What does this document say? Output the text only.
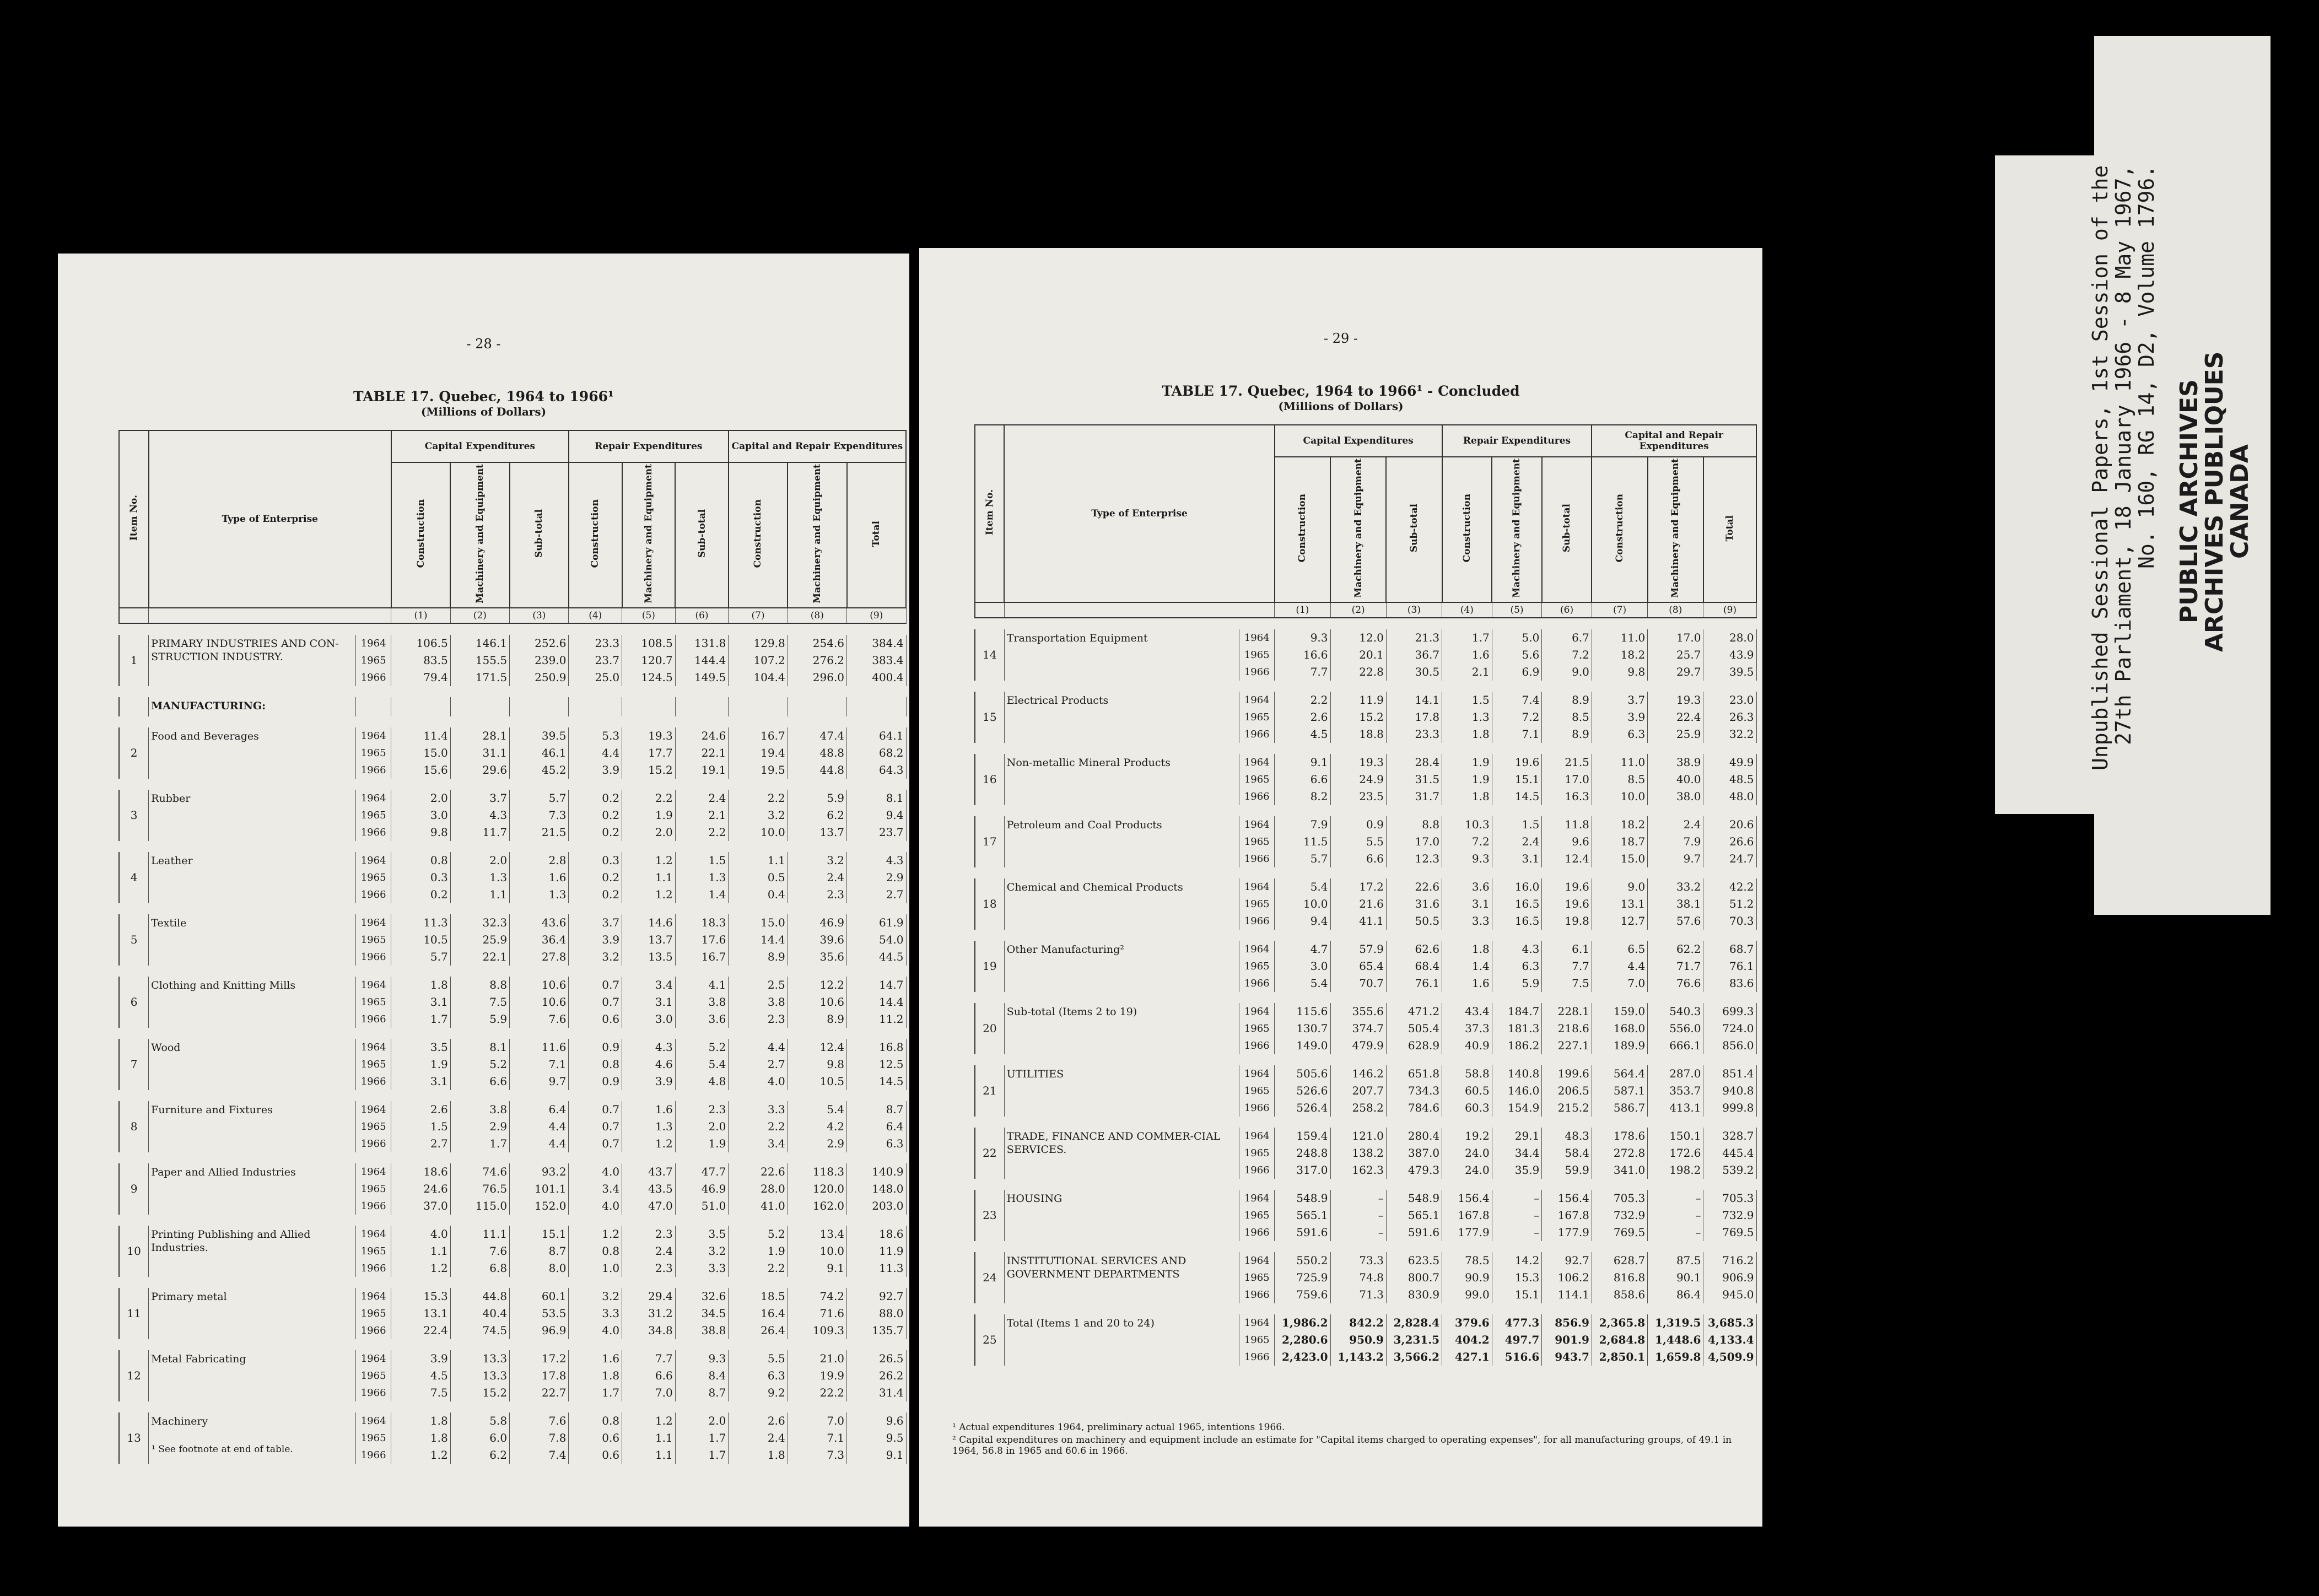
- 28 -
TABLE 17. Quebec, 1964 to 1966¹
(Millions of Dollars)
Item No.	Type of Enterprise		Capital Expenditures			Repair Expenditures			Capital and Repair Expenditures		
			Construction	Machinery and Equipment	Sub-total	Construction	Machinery and Equipment	Sub-total	Construction	Machinery and Equipment	Total
			(1)	(2)	(3)	(4)	(5)	(6)	(7)	(8)	(9)

1	PRIMARY INDUSTRIES AND CON-STRUCTION INDUSTRY.	1964	106.5	146.1	252.6	23.3	108.5	131.8	129.8	254.6	384.4
		1965	83.5	155.5	239.0	23.7	120.7	144.4	107.2	276.2	383.4
		1966	79.4	171.5	250.9	25.0	124.5	149.5	104.4	296.0	400.4

	MANUFACTURING:										

2	Food and Beverages	1964	11.4	28.1	39.5	5.3	19.3	24.6	16.7	47.4	64.1
		1965	15.0	31.1	46.1	4.4	17.7	22.1	19.4	48.8	68.2
		1966	15.6	29.6	45.2	3.9	15.2	19.1	19.5	44.8	64.3

3	Rubber	1964	2.0	3.7	5.7	0.2	2.2	2.4	2.2	5.9	8.1
		1965	3.0	4.3	7.3	0.2	1.9	2.1	3.2	6.2	9.4
		1966	9.8	11.7	21.5	0.2	2.0	2.2	10.0	13.7	23.7

4	Leather	1964	0.8	2.0	2.8	0.3	1.2	1.5	1.1	3.2	4.3
		1965	0.3	1.3	1.6	0.2	1.1	1.3	0.5	2.4	2.9
		1966	0.2	1.1	1.3	0.2	1.2	1.4	0.4	2.3	2.7

5	Textile	1964	11.3	32.3	43.6	3.7	14.6	18.3	15.0	46.9	61.9
		1965	10.5	25.9	36.4	3.9	13.7	17.6	14.4	39.6	54.0
		1966	5.7	22.1	27.8	3.2	13.5	16.7	8.9	35.6	44.5

6	Clothing and Knitting Mills	1964	1.8	8.8	10.6	0.7	3.4	4.1	2.5	12.2	14.7
		1965	3.1	7.5	10.6	0.7	3.1	3.8	3.8	10.6	14.4
		1966	1.7	5.9	7.6	0.6	3.0	3.6	2.3	8.9	11.2

7	Wood	1964	3.5	8.1	11.6	0.9	4.3	5.2	4.4	12.4	16.8
		1965	1.9	5.2	7.1	0.8	4.6	5.4	2.7	9.8	12.5
		1966	3.1	6.6	9.7	0.9	3.9	4.8	4.0	10.5	14.5

8	Furniture and Fixtures	1964	2.6	3.8	6.4	0.7	1.6	2.3	3.3	5.4	8.7
		1965	1.5	2.9	4.4	0.7	1.3	2.0	2.2	4.2	6.4
		1966	2.7	1.7	4.4	0.7	1.2	1.9	3.4	2.9	6.3

9	Paper and Allied Industries	1964	18.6	74.6	93.2	4.0	43.7	47.7	22.6	118.3	140.9
		1965	24.6	76.5	101.1	3.4	43.5	46.9	28.0	120.0	148.0
		1966	37.0	115.0	152.0	4.0	47.0	51.0	41.0	162.0	203.0

10	Printing Publishing and Allied Industries.	1964	4.0	11.1	15.1	1.2	2.3	3.5	5.2	13.4	18.6
		1965	1.1	7.6	8.7	0.8	2.4	3.2	1.9	10.0	11.9
		1966	1.2	6.8	8.0	1.0	2.3	3.3	2.2	9.1	11.3

11	Primary metal	1964	15.3	44.8	60.1	3.2	29.4	32.6	18.5	74.2	92.7
		1965	13.1	40.4	53.5	3.3	31.2	34.5	16.4	71.6	88.0
		1966	22.4	74.5	96.9	4.0	34.8	38.8	26.4	109.3	135.7

12	Metal Fabricating	1964	3.9	13.3	17.2	1.6	7.7	9.3	5.5	21.0	26.5
		1965	4.5	13.3	17.8	1.8	6.6	8.4	6.3	19.9	26.2
		1966	7.5	15.2	22.7	1.7	7.0	8.7	9.2	22.2	31.4

13	Machinery	1964	1.8	5.8	7.6	0.8	1.2	2.0	2.6	7.0	9.6
		1965	1.8	6.0	7.8	0.6	1.1	1.7	2.4	7.1	9.5
		1966	1.2	6.2	7.4	0.6	1.1	1.7	1.8	7.3	9.1

¹ See footnote at end of table.
- 29 -
TABLE 17. Quebec, 1964 to 1966¹ - Concluded
(Millions of Dollars)
Item No.	Type of Enterprise		Capital Expenditures			Repair Expenditures			Capital and Repair Expenditures		
			Construction	Machinery and Equipment	Sub-total	Construction	Machinery and Equipment	Sub-total	Construction	Machinery and Equipment	Total
			(1)	(2)	(3)	(4)	(5)	(6)	(7)	(8)	(9)

14	Transportation Equipment	1964	9.3	12.0	21.3	1.7	5.0	6.7	11.0	17.0	28.0
		1965	16.6	20.1	36.7	1.6	5.6	7.2	18.2	25.7	43.9
		1966	7.7	22.8	30.5	2.1	6.9	9.0	9.8	29.7	39.5

15	Electrical Products	1964	2.2	11.9	14.1	1.5	7.4	8.9	3.7	19.3	23.0
		1965	2.6	15.2	17.8	1.3	7.2	8.5	3.9	22.4	26.3
		1966	4.5	18.8	23.3	1.8	7.1	8.9	6.3	25.9	32.2

16	Non-metallic Mineral Products	1964	9.1	19.3	28.4	1.9	19.6	21.5	11.0	38.9	49.9
		1965	6.6	24.9	31.5	1.9	15.1	17.0	8.5	40.0	48.5
		1966	8.2	23.5	31.7	1.8	14.5	16.3	10.0	38.0	48.0

17	Petroleum and Coal Products	1964	7.9	0.9	8.8	10.3	1.5	11.8	18.2	2.4	20.6
		1965	11.5	5.5	17.0	7.2	2.4	9.6	18.7	7.9	26.6
		1966	5.7	6.6	12.3	9.3	3.1	12.4	15.0	9.7	24.7

18	Chemical and Chemical Products	1964	5.4	17.2	22.6	3.6	16.0	19.6	9.0	33.2	42.2
		1965	10.0	21.6	31.6	3.1	16.5	19.6	13.1	38.1	51.2
		1966	9.4	41.1	50.5	3.3	16.5	19.8	12.7	57.6	70.3

19	Other Manufacturing²	1964	4.7	57.9	62.6	1.8	4.3	6.1	6.5	62.2	68.7
		1965	3.0	65.4	68.4	1.4	6.3	7.7	4.4	71.7	76.1
		1966	5.4	70.7	76.1	1.6	5.9	7.5	7.0	76.6	83.6

20	Sub-total (Items 2 to 19)	1964	115.6	355.6	471.2	43.4	184.7	228.1	159.0	540.3	699.3
		1965	130.7	374.7	505.4	37.3	181.3	218.6	168.0	556.0	724.0
		1966	149.0	479.9	628.9	40.9	186.2	227.1	189.9	666.1	856.0

21	UTILITIES	1964	505.6	146.2	651.8	58.8	140.8	199.6	564.4	287.0	851.4
		1965	526.6	207.7	734.3	60.5	146.0	206.5	587.1	353.7	940.8
		1966	526.4	258.2	784.6	60.3	154.9	215.2	586.7	413.1	999.8

22	TRADE, FINANCE AND COMMER-CIAL SERVICES.	1964	159.4	121.0	280.4	19.2	29.1	48.3	178.6	150.1	328.7
		1965	248.8	138.2	387.0	24.0	34.4	58.4	272.8	172.6	445.4
		1966	317.0	162.3	479.3	24.0	35.9	59.9	341.0	198.2	539.2

23	HOUSING	1964	548.9	–	548.9	156.4	–	156.4	705.3	–	705.3
		1965	565.1	–	565.1	167.8	–	167.8	732.9	–	732.9
		1966	591.6	–	591.6	177.9	–	177.9	769.5	–	769.5

24	INSTITUTIONAL SERVICES AND GOVERNMENT DEPARTMENTS	1964	550.2	73.3	623.5	78.5	14.2	92.7	628.7	87.5	716.2
		1965	725.9	74.8	800.7	90.9	15.3	106.2	816.8	90.1	906.9
		1966	759.6	71.3	830.9	99.0	15.1	114.1	858.6	86.4	945.0

25	Total (Items 1 and 20 to 24)	1964	1,986.2	842.2	2,828.4	379.6	477.3	856.9	2,365.8	1,319.5	3,685.3
		1965	2,280.6	950.9	3,231.5	404.2	497.7	901.9	2,684.8	1,448.6	4,133.4
		1966	2,423.0	1,143.2	3,566.2	427.1	516.6	943.7	2,850.1	1,659.8	4,509.9

¹ Actual expenditures 1964, preliminary actual 1965, intentions 1966.
² Capital expenditures on machinery and equipment include an estimate for "Capital items charged to operating expenses", for all manufacturing groups, of 49.1 in 1964, 56.8 in 1965 and 60.6 in 1966.
Unpublished Sessional Papers, 1st Session of the
27th Parliament, 18 January 1966 - 8 May 1967,
No. 160, RG 14, D2, Volume 1796. PUBLIC ARCHIVES
ARCHIVES PUBLIQUES
CANADA
